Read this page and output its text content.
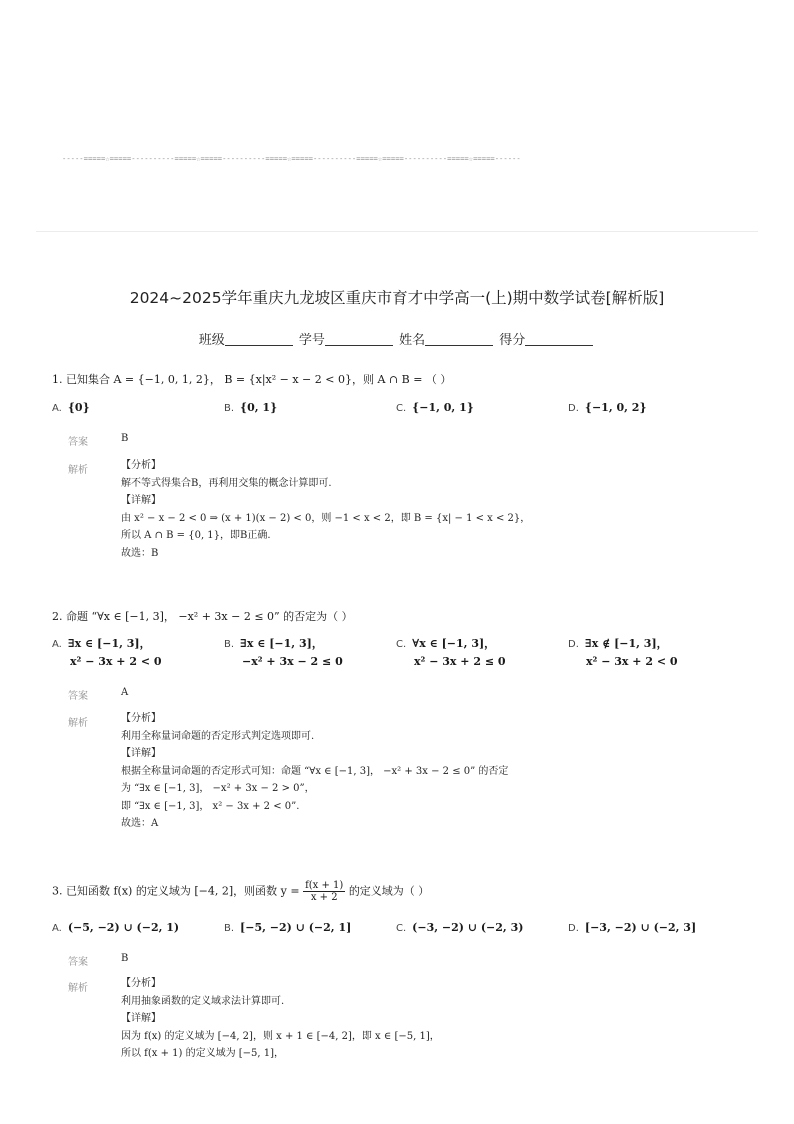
-----=====☆=====----------=====☆=====----------=====☆=====----------=====☆=====----------=====☆=====------
2024~2025学年重庆九龙坡区重庆市育才中学高一(上)期中数学试卷[解析版]
班级	学号	姓名	得分
1. 已知集合 A = {−1, 0, 1, 2}， B = {x|x² − x − 2 < 0}，则 A ∩ B = （ ）
A. {0}	B. {0, 1}	C. {−1, 0, 1}	D. {−1, 0, 2}
答案	B
解析	【分析】
解不等式得集合B，再利用交集的概念计算即可.
【详解】
由 x² − x − 2 < 0 ⇒ (x + 1)(x − 2) < 0，则 −1 < x < 2，即 B = {x| − 1 < x < 2}，
所以 A ∩ B = {0, 1}，即B正确.
故选：B
2. 命题 “∀x ∈ [−1, 3]， −x² + 3x − 2 ≤ 0” 的否定为（ ）
A. ∃x ∈ [−1, 3]，
x² − 3x + 2 < 0
B. ∃x ∈ [−1, 3]，
−x² + 3x − 2 ≤ 0
C. ∀x ∈ [−1, 3]，
x² − 3x + 2 ≤ 0
D. ∃x ∉ [−1, 3]，
x² − 3x + 2 < 0
答案	A
解析	【分析】
利用全称量词命题的否定形式判定选项即可.
【详解】
根据全称量词命题的否定形式可知：命题 “∀x ∈ [−1, 3]， −x² + 3x − 2 ≤ 0” 的否定
为 “∃x ∈ [−1, 3]， −x² + 3x − 2 > 0”，
即 “∃x ∈ [−1, 3]， x² − 3x + 2 < 0”.
故选：A
3. 已知函数 f(x) 的定义域为 [−4, 2]，则函数 $y = \frac{f(x + 1)}{x + 2}$ 的定义域为（ ）
A. (−5, −2) ∪ (−2, 1)	B. [−5, −2) ∪ (−2, 1]	C. (−3, −2) ∪ (−2, 3)	D. [−3, −2) ∪ (−2, 3]
答案	B
解析	【分析】
利用抽象函数的定义域求法计算即可.
【详解】
因为 f(x) 的定义域为 [−4, 2]，则 x + 1 ∈ [−4, 2]，即 x ∈ [−5, 1]，
所以 f(x + 1) 的定义域为 [−5, 1]，
